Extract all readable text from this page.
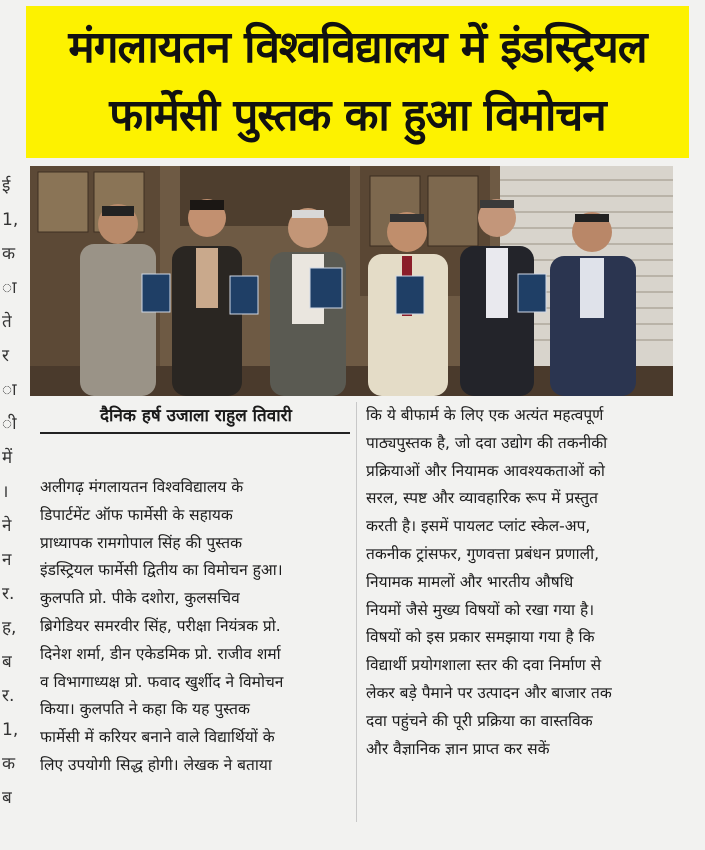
मंगलायतन विश्वविद्यालय में इंडस्ट्रियल
फार्मेसी पुस्तक का हुआ विमोचन
ई
1,
क
ा
ते
र
ा
ी
में
।
ने
न
र.
ह,
ब
र.
1,
क
ब
दैनिक हर्ष उजाला राहुल तिवारी
अलीगढ़ मंगलायतन विश्वविद्यालय के
डिपार्टमेंट ऑफ फार्मेसी के सहायक
प्राध्यापक रामगोपाल सिंह की पुस्तक
इंडस्ट्रियल फार्मेसी द्वितीय का विमोचन हुआ।
कुलपति प्रो. पीके दशोरा, कुलसचिव
ब्रिगेडियर समरवीर सिंह, परीक्षा नियंत्रक प्रो.
दिनेश शर्मा, डीन एकेडमिक प्रो. राजीव शर्मा
व विभागाध्यक्ष प्रो. फवाद खुर्शीद ने विमोचन
किया। कुलपति ने कहा कि यह पुस्तक
फार्मेसी में करियर बनाने वाले विद्यार्थियों के
लिए उपयोगी सिद्ध होगी। लेखक ने बताया
कि ये बीफार्म के लिए एक अत्यंत महत्वपूर्ण
पाठ्यपुस्तक है, जो दवा उद्योग की तकनीकी
प्रक्रियाओं और नियामक आवश्यकताओं को
सरल, स्पष्ट और व्यावहारिक रूप में प्रस्तुत
करती है। इसमें पायलट प्लांट स्केल-अप,
तकनीक ट्रांसफर, गुणवत्ता प्रबंधन प्रणाली,
नियामक मामलों और भारतीय औषधि
नियमों जैसे मुख्य विषयों को रखा गया है।
विषयों को इस प्रकार समझाया गया है कि
विद्यार्थी प्रयोगशाला स्तर की दवा निर्माण से
लेकर बड़े पैमाने पर उत्पादन और बाजार तक
दवा पहुंचने की पूरी प्रक्रिया का वास्तविक
और वैज्ञानिक ज्ञान प्राप्त कर सकें
